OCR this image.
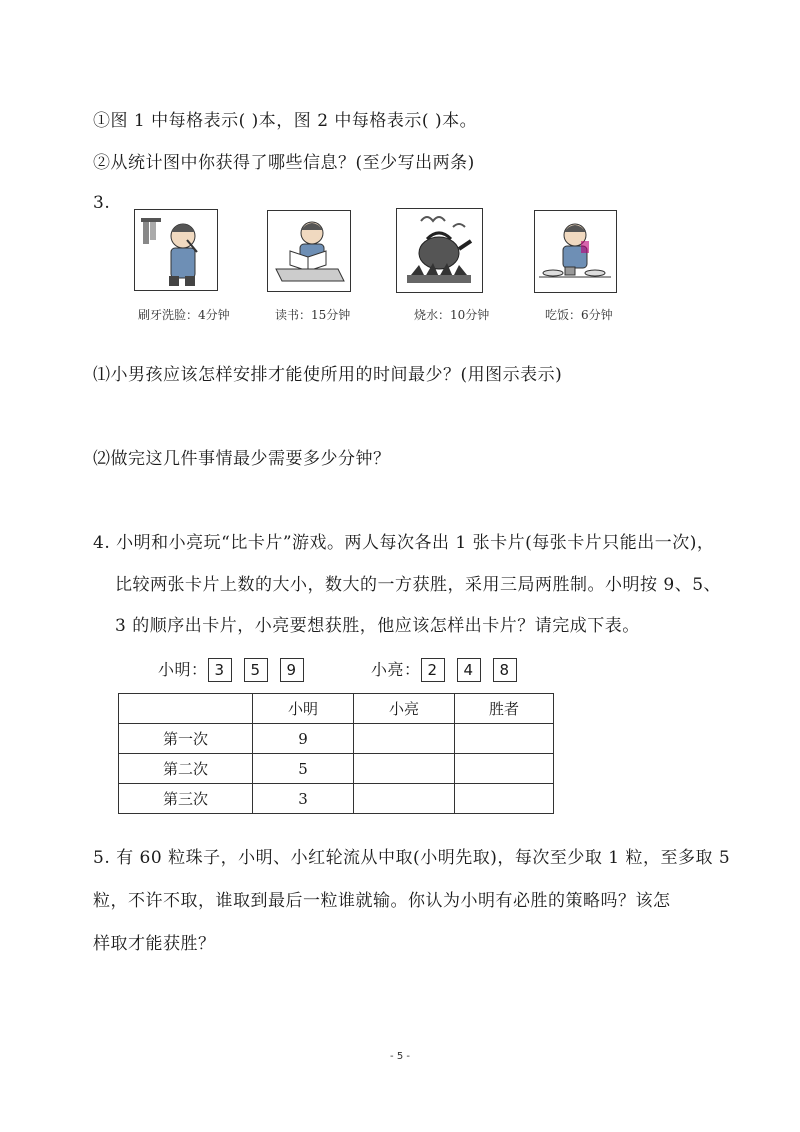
①图 1 中每格表示( )本，图 2 中每格表示( )本。
②从统计图中你获得了哪些信息？(至少写出两条)
3.
刷牙洗脸：4分钟	读书：15分钟	烧水：10分钟	吃饭：6分钟
⑴小男孩应该怎样安排才能使所用的时间最少？(用图示表示)
⑵做完这几件事情最少需要多少分钟？
4. 小明和小亮玩“比卡片”游戏。两人每次各出 1 张卡片(每张卡片只能出一次)，
比较两张卡片上数的大小，数大的一方获胜，采用三局两胜制。小明按 9、5、
3 的顺序出卡片，小亮要想获胜，他应该怎样出卡片？请完成下表。
小明： 3 5 9	小亮： 2 4 8
	小明	小亮	胜者
第一次	9		
第二次	5		
第三次	3		
5. 有 60 粒珠子，小明、小红轮流从中取(小明先取)，每次至少取 1 粒，至多取 5
粒，不许不取，谁取到最后一粒谁就输。你认为小明有必胜的策略吗？该怎
样取才能获胜？
- 5 -
